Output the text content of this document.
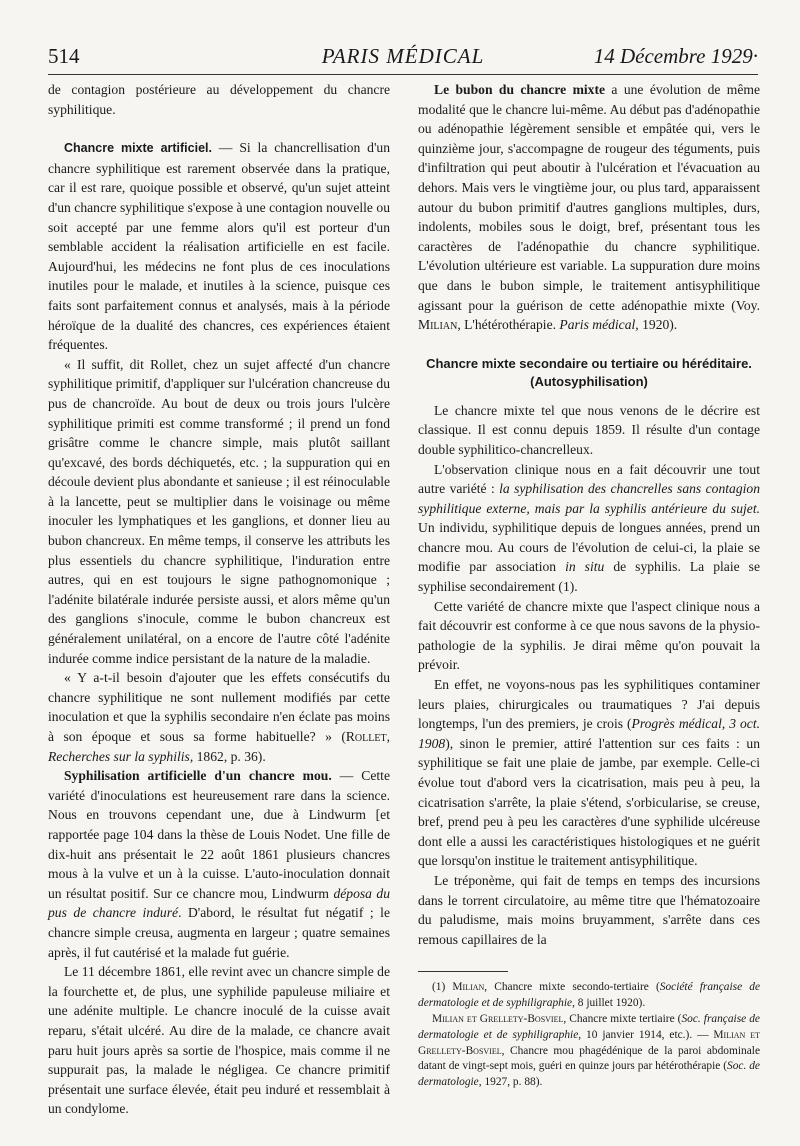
514	PARIS MÉDICAL	14 Décembre 1929·

de contagion postérieure au développement du chancre syphilitique.

Chancre mixte artificiel. — Si la chancrellisation d'un chancre syphilitique est rarement observée dans la pratique, car il est rare, quoique possible et observé, qu'un sujet atteint d'un chancre syphilitique s'expose à une contagion nouvelle ou soit accepté par une femme alors qu'il est porteur d'un semblable accident la réalisation artificielle en est facile. Aujourd'hui, les médecins ne font plus de ces inoculations inutiles pour le malade, et inutiles à la science, puisque ces faits sont parfaitement connus et analysés, mais à la période héroïque de la dualité des chancres, ces expériences étaient fréquentes.

« Il suffit, dit Rollet, chez un sujet affecté d'un chancre syphilitique primitif, d'appliquer sur l'ulcération chancreuse du pus de chancroïde. Au bout de deux ou trois jours l'ulcère syphilitique primiti est comme transformé ; il prend un fond grisâtre comme le chancre simple, mais plutôt saillant qu'excavé, des bords déchiquetés, etc. ; la suppuration qui en découle devient plus abondante et sanieuse ; il est réinoculable à la lancette, peut se multiplier dans le voisinage ou même inoculer les lymphatiques et les ganglions, et donner lieu au bubon chancreux. En même temps, il conserve les attributs les plus essentiels du chancre syphilitique, l'induration entre autres, qui en est toujours le signe pathognomonique ; l'adénite bilatérale indurée persiste aussi, et alors même qu'un des ganglions s'inocule, comme le bubon chancreux est généralement unilatéral, on a encore de l'autre côté l'adénite indurée comme indice persistant de la nature de la maladie.

« Y a-t-il besoin d'ajouter que les effets consécutifs du chancre syphilitique ne sont nullement modifiés par cette inoculation et que la syphilis secondaire n'en éclate pas moins à son époque et sous sa forme habituelle? » (Rollet, Recherches sur la syphilis, 1862, p. 36).

Syphilisation artificielle d'un chancre mou. — Cette variété d'inoculations est heureusement rare dans la science. Nous en trouvons cependant une, due à Lindwurm [et rapportée page 104 dans la thèse de Louis Nodet. Une fille de dix-huit ans présentait le 22 août 1861 plusieurs chancres mous à la vulve et un à la cuisse. L'auto-inoculation donnait un résultat positif. Sur ce chancre mou, Lindwurm déposa du pus de chancre induré. D'abord, le résultat fut négatif ; le chancre simple creusa, augmenta en largeur ; quatre semaines après, il fut cautérisé et la malade fut guérie.

Le 11 décembre 1861, elle revint avec un chancre simple de la fourchette et, de plus, une syphilide papuleuse miliaire et une adénite multiple. Le chancre inoculé de la cuisse avait reparu, s'était ulcéré. Au dire de la malade, ce chancre avait paru huit jours après sa sortie de l'hospice, mais comme il ne suppurait pas, la malade le négligea. Ce chancre primitif présentait une surface élevée, était peu induré et ressemblait à un condylome.

Le bubon du chancre mixte a une évolution de même modalité que le chancre lui-même. Au début pas d'adénopathie ou adénopathie légèrement sensible et empâtée qui, vers le quinzième jour, s'accompagne de rougeur des téguments, puis d'infiltration qui peut aboutir à l'ulcération et l'évacuation au dehors. Mais vers le vingtième jour, ou plus tard, apparaissent autour du bubon primitif d'autres ganglions multiples, durs, indolents, mobiles sous le doigt, bref, présentant tous les caractères de l'adénopathie du chancre syphilitique. L'évolution ultérieure est variable. La suppuration dure moins que dans le bubon simple, le traitement antisyphilitique agissant pour la guérison de cette adénopathie mixte (Voy. Milian, L'hétérothérapie. Paris médical, 1920).

Chancre mixte secondaire ou tertiaire ou héréditaire.
(Autosyphilisation)

Le chancre mixte tel que nous venons de le décrire est classique. Il est connu depuis 1859. Il résulte d'un contage double syphilitico-chancrelleux.

L'observation clinique nous en a fait découvrir une tout autre variété : la syphilisation des chancrelles sans contagion syphilitique externe, mais par la syphilis antérieure du sujet. Un individu, syphilitique depuis de longues années, prend un chancre mou. Au cours de l'évolution de celui-ci, la plaie se modifie par association in situ de syphilis. La plaie se syphilise secondairement (1).

Cette variété de chancre mixte que l'aspect clinique nous a fait découvrir est conforme à ce que nous savons de la physio-pathologie de la syphilis. Je dirai même qu'on pouvait la prévoir.

En effet, ne voyons-nous pas les syphilitiques contaminer leurs plaies, chirurgicales ou traumatiques ? J'ai depuis longtemps, l'un des premiers, je crois (Progrès médical, 3 oct. 1908), sinon le premier, attiré l'attention sur ces faits : un syphilitique se fait une plaie de jambe, par exemple. Celle-ci évolue tout d'abord vers la cicatrisation, mais peu à peu, la cicatrisation s'arrête, la plaie s'étend, s'orbicularise, se creuse, bref, prend peu à peu les caractères d'une syphilide ulcéreuse dont elle a aussi les caractéristiques histologiques et ne guérit que lorsqu'on institue le traitement antisyphilitique.

Le tréponème, qui fait de temps en temps des incursions dans le torrent circulatoire, au même titre que l'hématozoaire du paludisme, mais moins bruyamment, s'arrête dans ces remous capillaires de la

(1) Milian, Chancre mixte secondo-tertiaire (Société française de dermatologie et de syphiligraphie, 8 juillet 1920).

Milian et Grellety-Bosviel, Chancre mixte tertiaire (Soc. française de dermatologie et de syphiligraphie, 10 janvier 1914, etc.). — Milian et Grellety-Bosviel, Chancre mou phagédénique de la paroi abdominale datant de vingt-sept mois, guéri en quinze jours par hétérothérapie (Soc. de dermatologie, 1927, p. 88).
